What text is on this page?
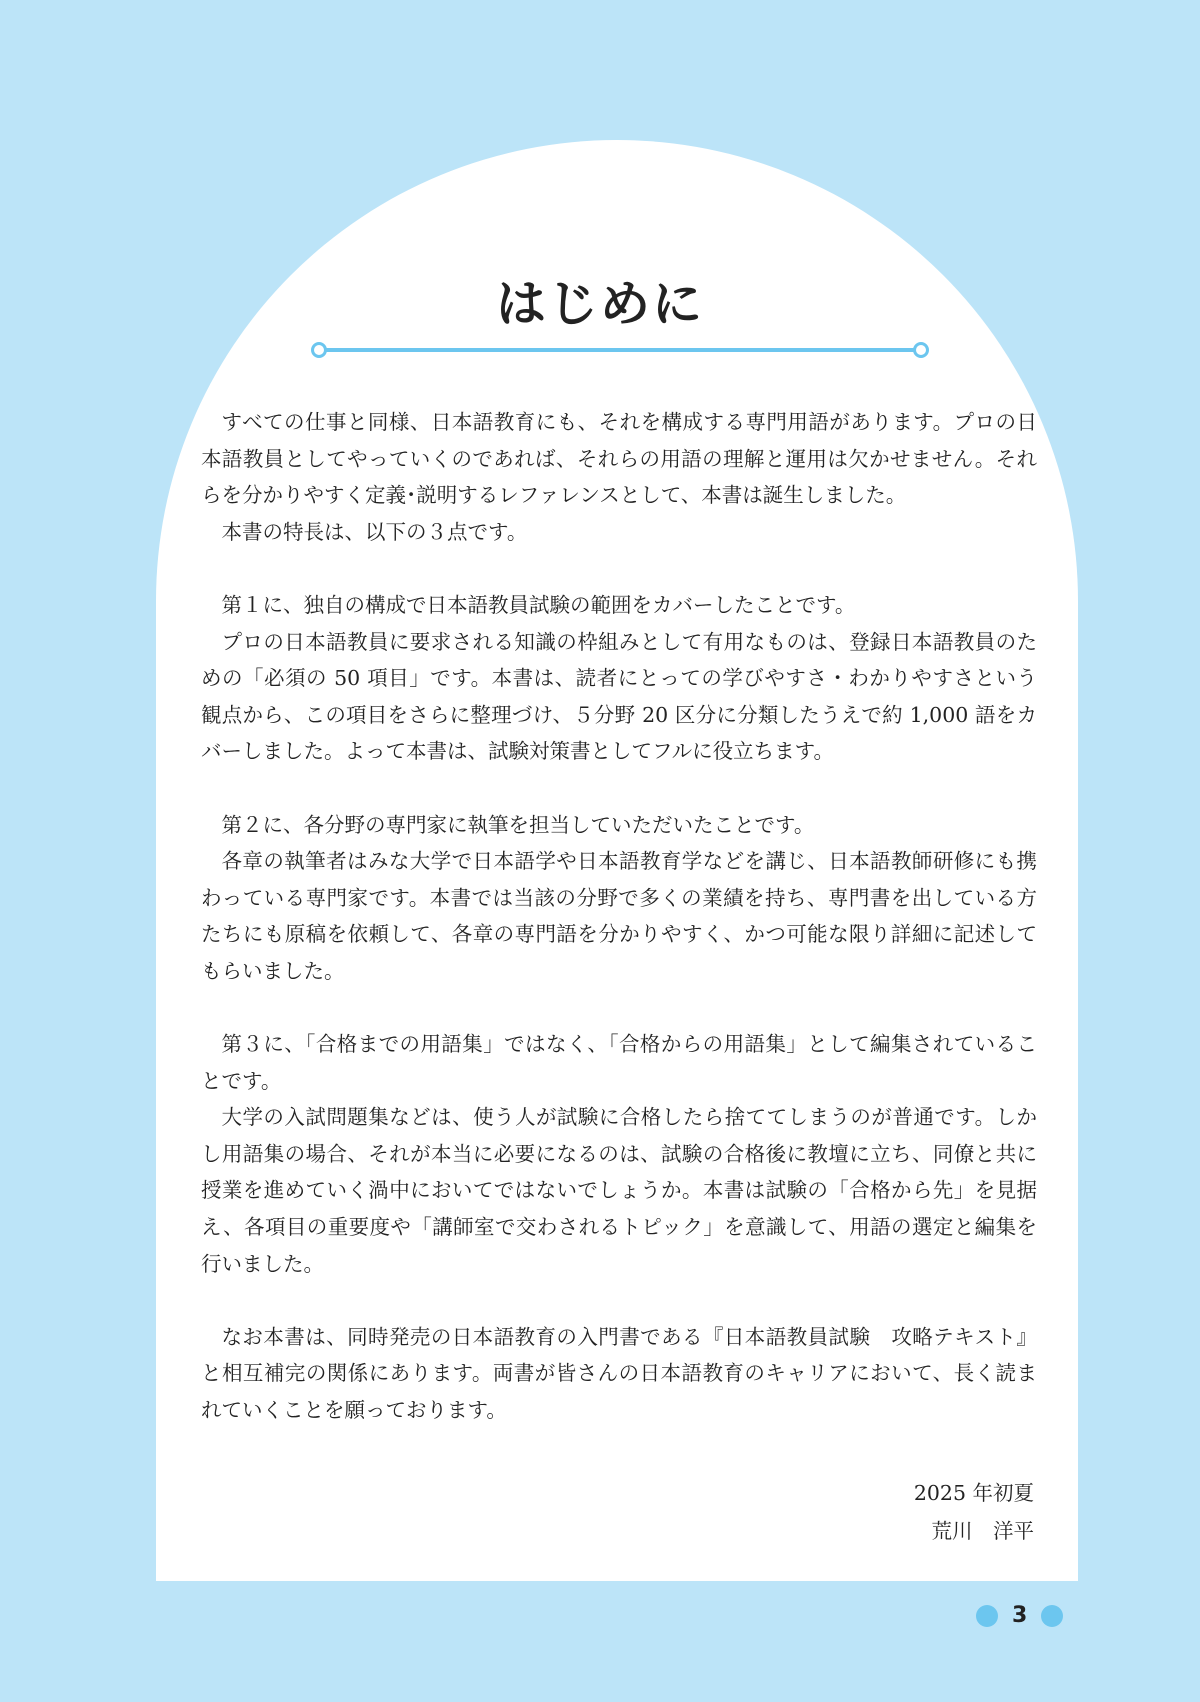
はじめに

すべての仕事と同様、日本語教育にも、それを構成する専門用語があります。プロの日本語教員としてやっていくのであれば、それらの用語の理解と運用は欠かせません。それらを分かりやすく定義･説明するレファレンスとして、本書は誕生しました。

本書の特長は、以下の３点です。

第１に、独自の構成で日本語教員試験の範囲をカバーしたことです。

プロの日本語教員に要求される知識の枠組みとして有用なものは、登録日本語教員のための「必須の 50 項目」です。本書は、読者にとっての学びやすさ・わかりやすさという観点から、この項目をさらに整理づけ、５分野 20 区分に分類したうえで約 1,000 語をカバーしました。よって本書は、試験対策書としてフルに役立ちます。

第２に、各分野の専門家に執筆を担当していただいたことです。

各章の執筆者はみな大学で日本語学や日本語教育学などを講じ、日本語教師研修にも携わっている専門家です。本書では当該の分野で多くの業績を持ち、専門書を出している方たちにも原稿を依頼して、各章の専門語を分かりやすく、かつ可能な限り詳細に記述してもらいました。

第３に、「合格までの用語集」ではなく、「合格からの用語集」として編集されていることです。

大学の入試問題集などは、使う人が試験に合格したら捨ててしまうのが普通です。しかし用語集の場合、それが本当に必要になるのは、試験の合格後に教壇に立ち、同僚と共に授業を進めていく渦中においてではないでしょうか。本書は試験の「合格から先」を見据え、各項目の重要度や「講師室で交わされるトピック」を意識して、用語の選定と編集を行いました。

なお本書は、同時発売の日本語教育の入門書である『日本語教員試験　攻略テキスト』と相互補完の関係にあります。両書が皆さんの日本語教育のキャリアにおいて、長く読まれていくことを願っております。

2025 年初夏
荒川　洋平
3
